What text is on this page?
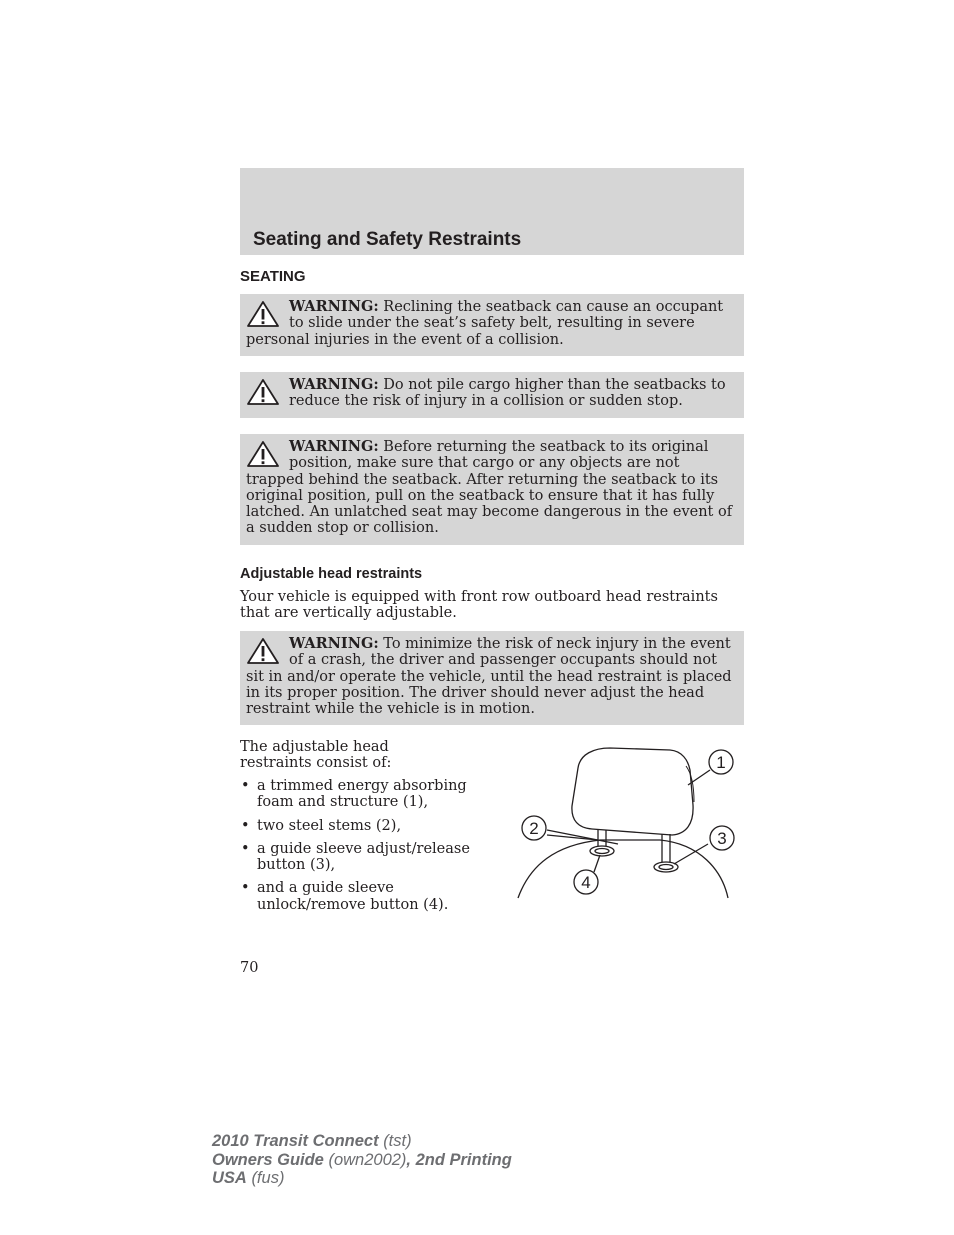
Seating and Safety Restraints
SEATING

WARNING: Reclining the seatback can cause an occupant to slide under the seat’s safety belt, resulting in severe personal injuries in the event of a collision.

WARNING: Do not pile cargo higher than the seatbacks to reduce the risk of injury in a collision or sudden stop.

WARNING: Before returning the seatback to its original position, make sure that cargo or any objects are not trapped behind the seatback. After returning the seatback to its original position, pull on the seatback to ensure that it has fully latched. An unlatched seat may become dangerous in the event of a sudden stop or collision.

Adjustable head restraints

Your vehicle is equipped with front row outboard head restraints that are vertically adjustable.

WARNING: To minimize the risk of neck injury in the event of a crash, the driver and passenger occupants should not sit in and/or operate the vehicle, until the head restraint is placed in its proper position. The driver should never adjust the head restraint while the vehicle is in motion.

The adjustable head restraints consist of:

• a trimmed energy absorbing foam and structure (1),
• two steel stems (2),
• a guide sleeve adjust/release button (3),
• and a guide sleeve unlock/remove button (4).
1
2
3
4
70
2010 Transit Connect (tst)
Owners Guide (own2002), 2nd Printing
USA (fus)
